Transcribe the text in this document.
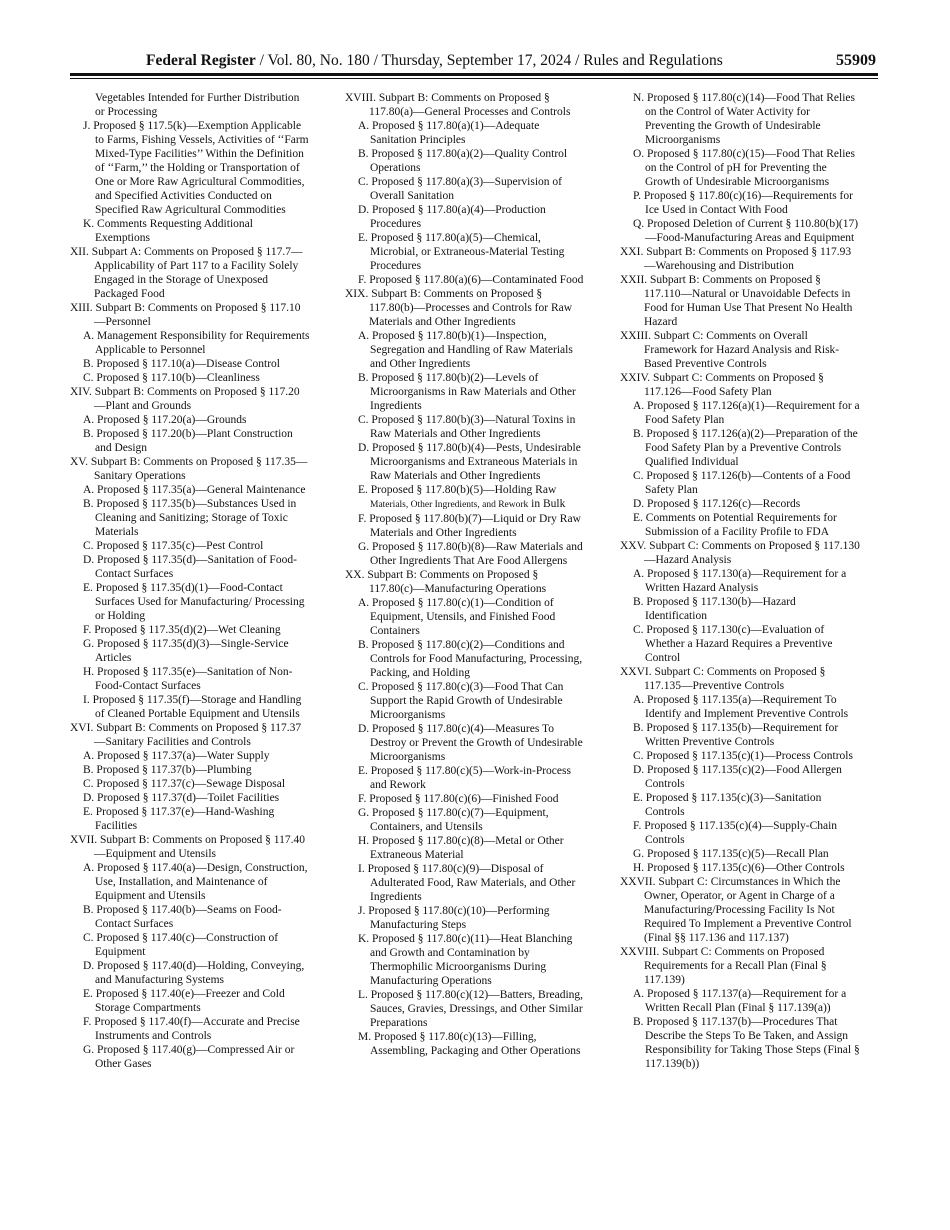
Federal Register / Vol. 80, No. 180 / Thursday, September 17, 2024 / Rules and Regulations	55909
Vegetables Intended for Further Distribution or Processing
J. Proposed § 117.5(k)—Exemption Applicable to Farms, Fishing Vessels, Activities of ‘‘Farm Mixed-Type Facilities’’ Within the Definition of ‘‘Farm,’’ the Holding or Transportation of One or More Raw Agricultural Commodities, and Specified Activities Conducted on Specified Raw Agricultural Commodities
K. Comments Requesting Additional Exemptions
XII. Subpart A: Comments on Proposed § 117.7—Applicability of Part 117 to a Facility Solely Engaged in the Storage of Unexposed Packaged Food
XIII. Subpart B: Comments on Proposed § 117.10—Personnel
A. Management Responsibility for Requirements Applicable to Personnel
B. Proposed § 117.10(a)—Disease Control
C. Proposed § 117.10(b)—Cleanliness
XIV. Subpart B: Comments on Proposed § 117.20—Plant and Grounds
A. Proposed § 117.20(a)—Grounds
B. Proposed § 117.20(b)—Plant Construction and Design
XV. Subpart B: Comments on Proposed § 117.35—Sanitary Operations
A. Proposed § 117.35(a)—General Maintenance
B. Proposed § 117.35(b)—Substances Used in Cleaning and Sanitizing; Storage of Toxic Materials
C. Proposed § 117.35(c)—Pest Control
D. Proposed § 117.35(d)—Sanitation of Food-Contact Surfaces
E. Proposed § 117.35(d)(1)—Food-Contact Surfaces Used for Manufacturing/ Processing or Holding
F. Proposed § 117.35(d)(2)—Wet Cleaning
G. Proposed § 117.35(d)(3)—Single-Service Articles
H. Proposed § 117.35(e)—Sanitation of Non-Food-Contact Surfaces
I. Proposed § 117.35(f)—Storage and Handling of Cleaned Portable Equipment and Utensils
XVI. Subpart B: Comments on Proposed § 117.37—Sanitary Facilities and Controls
A. Proposed § 117.37(a)—Water Supply
B. Proposed § 117.37(b)—Plumbing
C. Proposed § 117.37(c)—Sewage Disposal
D. Proposed § 117.37(d)—Toilet Facilities
E. Proposed § 117.37(e)—Hand-Washing Facilities
XVII. Subpart B: Comments on Proposed § 117.40—Equipment and Utensils
A. Proposed § 117.40(a)—Design, Construction, Use, Installation, and Maintenance of Equipment and Utensils
B. Proposed § 117.40(b)—Seams on Food-Contact Surfaces
C. Proposed § 117.40(c)—Construction of Equipment
D. Proposed § 117.40(d)—Holding, Conveying, and Manufacturing Systems
E. Proposed § 117.40(e)—Freezer and Cold Storage Compartments
F. Proposed § 117.40(f)—Accurate and Precise Instruments and Controls
G. Proposed § 117.40(g)—Compressed Air or Other Gases
XVIII. Subpart B: Comments on Proposed § 117.80(a)—General Processes and Controls
A. Proposed § 117.80(a)(1)—Adequate Sanitation Principles
B. Proposed § 117.80(a)(2)—Quality Control Operations
C. Proposed § 117.80(a)(3)—Supervision of Overall Sanitation
D. Proposed § 117.80(a)(4)—Production Procedures
E. Proposed § 117.80(a)(5)—Chemical, Microbial, or Extraneous-Material Testing Procedures
F. Proposed § 117.80(a)(6)—Contaminated Food
XIX. Subpart B: Comments on Proposed § 117.80(b)—Processes and Controls for Raw Materials and Other Ingredients
A. Proposed § 117.80(b)(1)—Inspection, Segregation and Handling of Raw Materials and Other Ingredients
B. Proposed § 117.80(b)(2)—Levels of Microorganisms in Raw Materials and Other Ingredients
C. Proposed § 117.80(b)(3)—Natural Toxins in Raw Materials and Other Ingredients
D. Proposed § 117.80(b)(4)—Pests, Undesirable Microorganisms and Extraneous Materials in Raw Materials and Other Ingredients
E. Proposed § 117.80(b)(5)—Holding Raw Materials, Other Ingredients, and Rework in Bulk
F. Proposed § 117.80(b)(7)—Liquid or Dry Raw Materials and Other Ingredients
G. Proposed § 117.80(b)(8)—Raw Materials and Other Ingredients That Are Food Allergens
XX. Subpart B: Comments on Proposed § 117.80(c)—Manufacturing Operations
A. Proposed § 117.80(c)(1)—Condition of Equipment, Utensils, and Finished Food Containers
B. Proposed § 117.80(c)(2)—Conditions and Controls for Food Manufacturing, Processing, Packing, and Holding
C. Proposed § 117.80(c)(3)—Food That Can Support the Rapid Growth of Undesirable Microorganisms
D. Proposed § 117.80(c)(4)—Measures To Destroy or Prevent the Growth of Undesirable Microorganisms
E. Proposed § 117.80(c)(5)—Work-in-Process and Rework
F. Proposed § 117.80(c)(6)—Finished Food
G. Proposed § 117.80(c)(7)—Equipment, Containers, and Utensils
H. Proposed § 117.80(c)(8)—Metal or Other Extraneous Material
I. Proposed § 117.80(c)(9)—Disposal of Adulterated Food, Raw Materials, and Other Ingredients
J. Proposed § 117.80(c)(10)—Performing Manufacturing Steps
K. Proposed § 117.80(c)(11)—Heat Blanching and Growth and Contamination by Thermophilic Microorganisms During Manufacturing Operations
L. Proposed § 117.80(c)(12)—Batters, Breading, Sauces, Gravies, Dressings, and Other Similar Preparations
M. Proposed § 117.80(c)(13)—Filling, Assembling, Packaging and Other Operations
N. Proposed § 117.80(c)(14)—Food That Relies on the Control of Water Activity for Preventing the Growth of Undesirable Microorganisms
O. Proposed § 117.80(c)(15)—Food That Relies on the Control of pH for Preventing the Growth of Undesirable Microorganisms
P. Proposed § 117.80(c)(16)—Requirements for Ice Used in Contact With Food
Q. Proposed Deletion of Current § 110.80(b)(17)—Food-Manufacturing Areas and Equipment
XXI. Subpart B: Comments on Proposed § 117.93—Warehousing and Distribution
XXII. Subpart B: Comments on Proposed § 117.110—Natural or Unavoidable Defects in Food for Human Use That Present No Health Hazard
XXIII. Subpart C: Comments on Overall Framework for Hazard Analysis and Risk-Based Preventive Controls
XXIV. Subpart C: Comments on Proposed § 117.126—Food Safety Plan
A. Proposed § 117.126(a)(1)—Requirement for a Food Safety Plan
B. Proposed § 117.126(a)(2)—Preparation of the Food Safety Plan by a Preventive Controls Qualified Individual
C. Proposed § 117.126(b)—Contents of a Food Safety Plan
D. Proposed § 117.126(c)—Records
E. Comments on Potential Requirements for Submission of a Facility Profile to FDA
XXV. Subpart C: Comments on Proposed § 117.130—Hazard Analysis
A. Proposed § 117.130(a)—Requirement for a Written Hazard Analysis
B. Proposed § 117.130(b)—Hazard Identification
C. Proposed § 117.130(c)—Evaluation of Whether a Hazard Requires a Preventive Control
XXVI. Subpart C: Comments on Proposed § 117.135—Preventive Controls
A. Proposed § 117.135(a)—Requirement To Identify and Implement Preventive Controls
B. Proposed § 117.135(b)—Requirement for Written Preventive Controls
C. Proposed § 117.135(c)(1)—Process Controls
D. Proposed § 117.135(c)(2)—Food Allergen Controls
E. Proposed § 117.135(c)(3)—Sanitation Controls
F. Proposed § 117.135(c)(4)—Supply-Chain Controls
G. Proposed § 117.135(c)(5)—Recall Plan
H. Proposed § 117.135(c)(6)—Other Controls
XXVII. Subpart C: Circumstances in Which the Owner, Operator, or Agent in Charge of a Manufacturing/Processing Facility Is Not Required To Implement a Preventive Control (Final §§ 117.136 and 117.137)
XXVIII. Subpart C: Comments on Proposed Requirements for a Recall Plan (Final § 117.139)
A. Proposed § 117.137(a)—Requirement for a Written Recall Plan (Final § 117.139(a))
B. Proposed § 117.137(b)—Procedures That Describe the Steps To Be Taken, and Assign Responsibility for Taking Those Steps (Final § 117.139(b))
